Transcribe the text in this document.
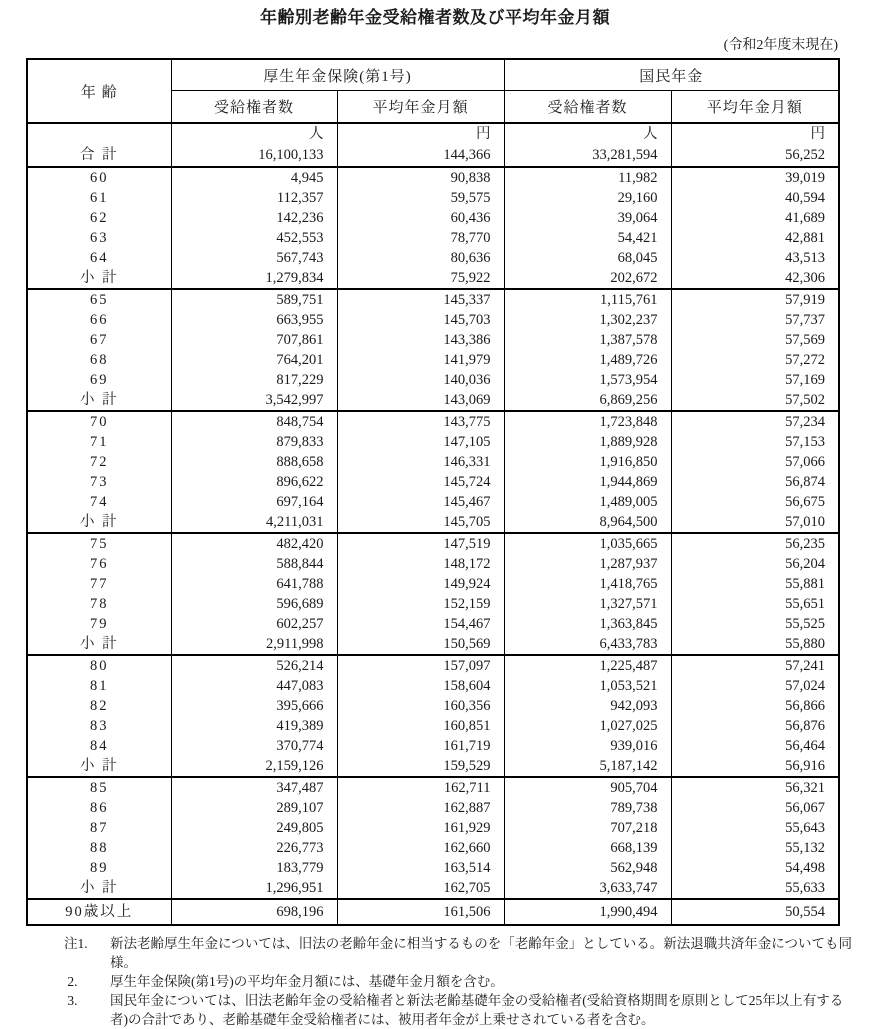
年齢別老齢年金受給権者数及び平均年金月額
(令和2年度末現在)
年 齢	厚生年金保険(第1号)		国民年金	
	受給権者数	平均年金月額	受給権者数	平均年金月額
	人	円	人	円
合 計	16,100,133	144,366	33,281,594	56,252
60	4,945	90,838	11,982	39,019
61	112,357	59,575	29,160	40,594
62	142,236	60,436	39,064	41,689
63	452,553	78,770	54,421	42,881
64	567,743	80,636	68,045	43,513
小 計	1,279,834	75,922	202,672	42,306
65	589,751	145,337	1,115,761	57,919
66	663,955	145,703	1,302,237	57,737
67	707,861	143,386	1,387,578	57,569
68	764,201	141,979	1,489,726	57,272
69	817,229	140,036	1,573,954	57,169
小 計	3,542,997	143,069	6,869,256	57,502
70	848,754	143,775	1,723,848	57,234
71	879,833	147,105	1,889,928	57,153
72	888,658	146,331	1,916,850	57,066
73	896,622	145,724	1,944,869	56,874
74	697,164	145,467	1,489,005	56,675
小 計	4,211,031	145,705	8,964,500	57,010
75	482,420	147,519	1,035,665	56,235
76	588,844	148,172	1,287,937	56,204
77	641,788	149,924	1,418,765	55,881
78	596,689	152,159	1,327,571	55,651
79	602,257	154,467	1,363,845	55,525
小 計	2,911,998	150,569	6,433,783	55,880
80	526,214	157,097	1,225,487	57,241
81	447,083	158,604	1,053,521	57,024
82	395,666	160,356	942,093	56,866
83	419,389	160,851	1,027,025	56,876
84	370,774	161,719	939,016	56,464
小 計	2,159,126	159,529	5,187,142	56,916
85	347,487	162,711	905,704	56,321
86	289,107	162,887	789,738	56,067
87	249,805	161,929	707,218	55,643
88	226,773	162,660	668,139	55,132
89	183,779	163,514	562,948	54,498
小 計	1,296,951	162,705	3,633,747	55,633
90歳以上	698,196	161,506	1,990,494	50,554
注1.	新法老齢厚生年金については、旧法の老齢年金に相当するものを「老齢年金」としている。新法退職共済年金についても同様。
2.	厚生年金保険(第1号)の平均年金月額には、基礎年金月額を含む。
3.	国民年金については、旧法老齢年金の受給権者と新法老齢基礎年金の受給権者(受給資格期間を原則として25年以上有する者)の合計であり、老齢基礎年金受給権者には、被用者年金が上乗せされている者を含む。
